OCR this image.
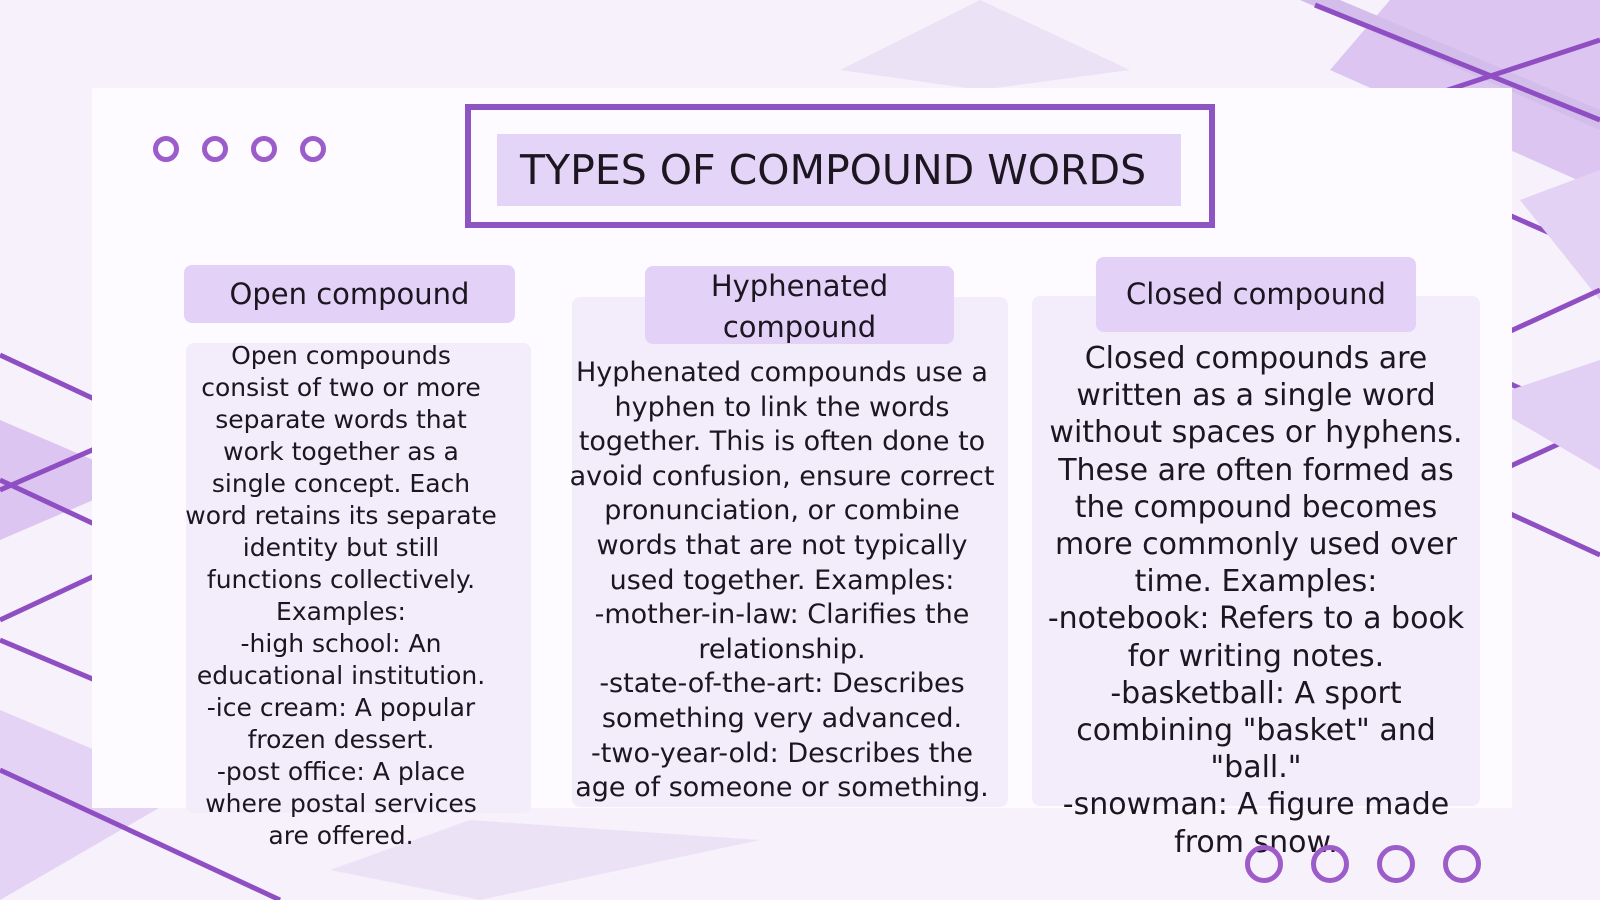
TYPES OF COMPOUND WORDS
Open compound
Open compounds
consist of two or more
separate words that
work together as a
single concept. Each
word retains its separate
identity but still
functions collectively.
Examples:
-high school: An
educational institution.
-ice cream: A popular
frozen dessert.
-post office: A place
where postal services
are offered.
Hyphenated
compound
Hyphenated compounds use a
hyphen to link the words
together. This is often done to
avoid confusion, ensure correct
pronunciation, or combine
words that are not typically
used together. Examples:
-mother-in-law: Clarifies the
relationship.
-state-of-the-art: Describes
something very advanced.
-two-year-old: Describes the
age of someone or something.
Closed compound
Closed compounds are
written as a single word
without spaces or hyphens.
These are often formed as
the compound becomes
more commonly used over
time. Examples:
-notebook: Refers to a book
for writing notes.
-basketball: A sport
combining "basket" and
"ball."
-snowman: A figure made
from snow.
